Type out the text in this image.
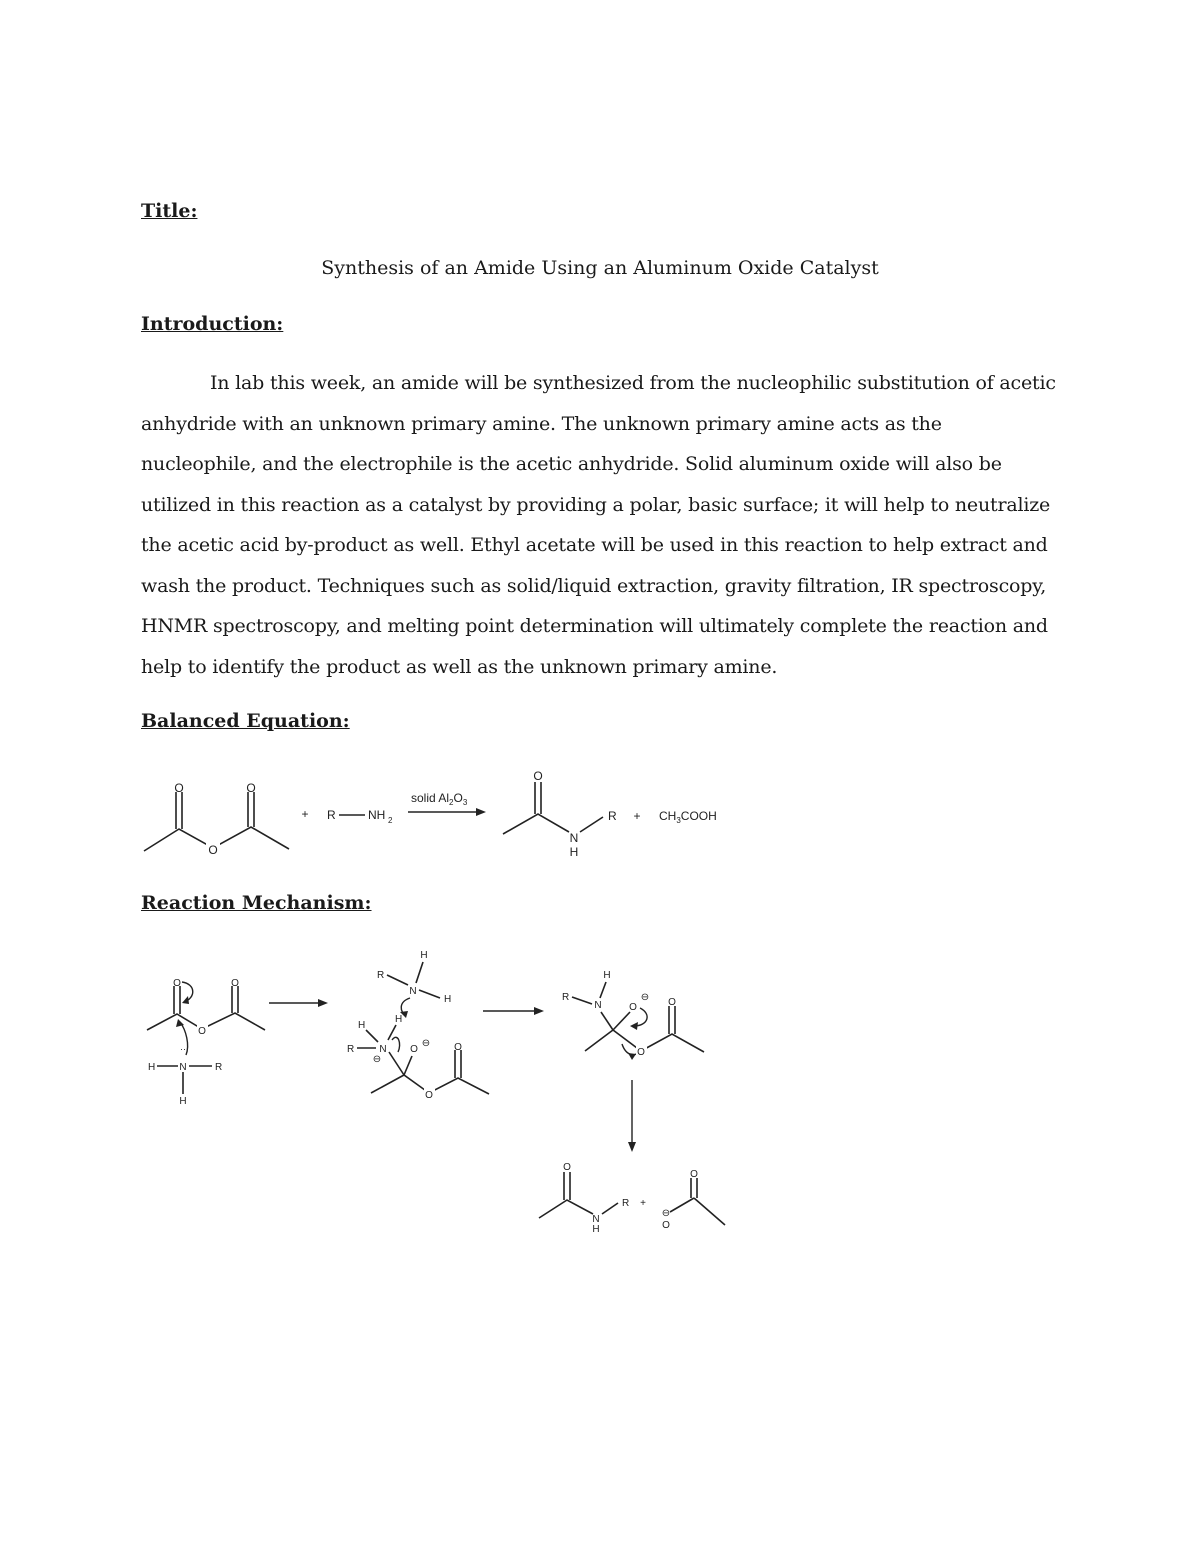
Title:
Synthesis of an Amide Using an Aluminum Oxide Catalyst
Introduction:

In lab this week, an amide will be synthesized from the nucleophilic substitution of acetic anhydride with an unknown primary amine. The unknown primary amine acts as the nucleophile, and the electrophile is the acetic anhydride. Solid aluminum oxide will also be utilized in this reaction as a catalyst by providing a polar, basic surface; it will help to neutralize the acetic acid by-product as well. Ethyl acetate will be used in this reaction to help extract and wash the product. Techniques such as solid/liquid extraction, gravity filtration, IR spectroscopy, HNMR spectroscopy, and melting point determination will ultimately complete the reaction and help to identify the product as well as the unknown primary amine.

Balanced Equation:
O
O	O
+ R	NH 2
solid $Al_2O_3$
O
N
H
$R + CH_3COOH$
Reaction Mechanism:
O	O
O
··
H N	R
H
H
R
N
H
H
H
R	N
⊖
O
⊖ O
O
H
R
N	O
⊖ O
O
O
N
H
R +
O
⊖
O
